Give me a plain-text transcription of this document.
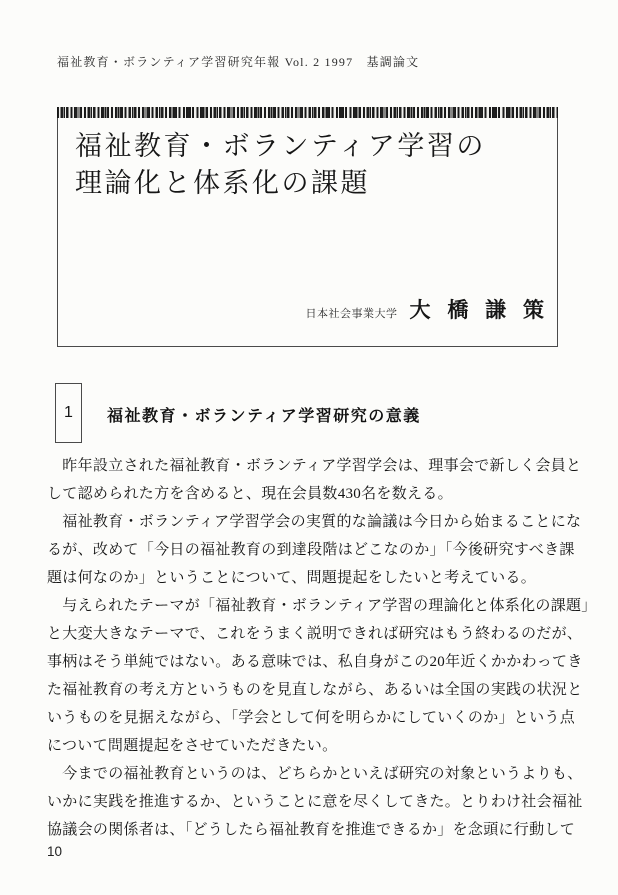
福祉教育・ボランティア学習研究年報 Vol. 2 1997　基調論文
福祉教育・ボランティア学習の
理論化と体系化の課題
日本社会事業大学 大 橋 謙 策
1 福祉教育・ボランティア学習研究の意義
　昨年設立された福祉教育・ボランティア学習学会は、理事会で新しく会員と
して認められた方を含めると、現在会員数430名を数える。
　福祉教育・ボランティア学習学会の実質的な論議は今日から始まることにな
るが、改めて「今日の福祉教育の到達段階はどこなのか」「今後研究すべき課
題は何なのか」ということについて、問題提起をしたいと考えている。
　与えられたテーマが「福祉教育・ボランティア学習の理論化と体系化の課題」
と大変大きなテーマで、これをうまく説明できれば研究はもう終わるのだが、
事柄はそう単純ではない。ある意味では、私自身がこの20年近くかかわってき
た福祉教育の考え方というものを見直しながら、あるいは全国の実践の状況と
いうものを見据えながら、「学会として何を明らかにしていくのか」という点
について問題提起をさせていただきたい。
　今までの福祉教育というのは、どちらかといえば研究の対象というよりも、
いかに実践を推進するか、ということに意を尽くしてきた。とりわけ社会福祉
協議会の関係者は、「どうしたら福祉教育を推進できるか」を念頭に行動して
10
